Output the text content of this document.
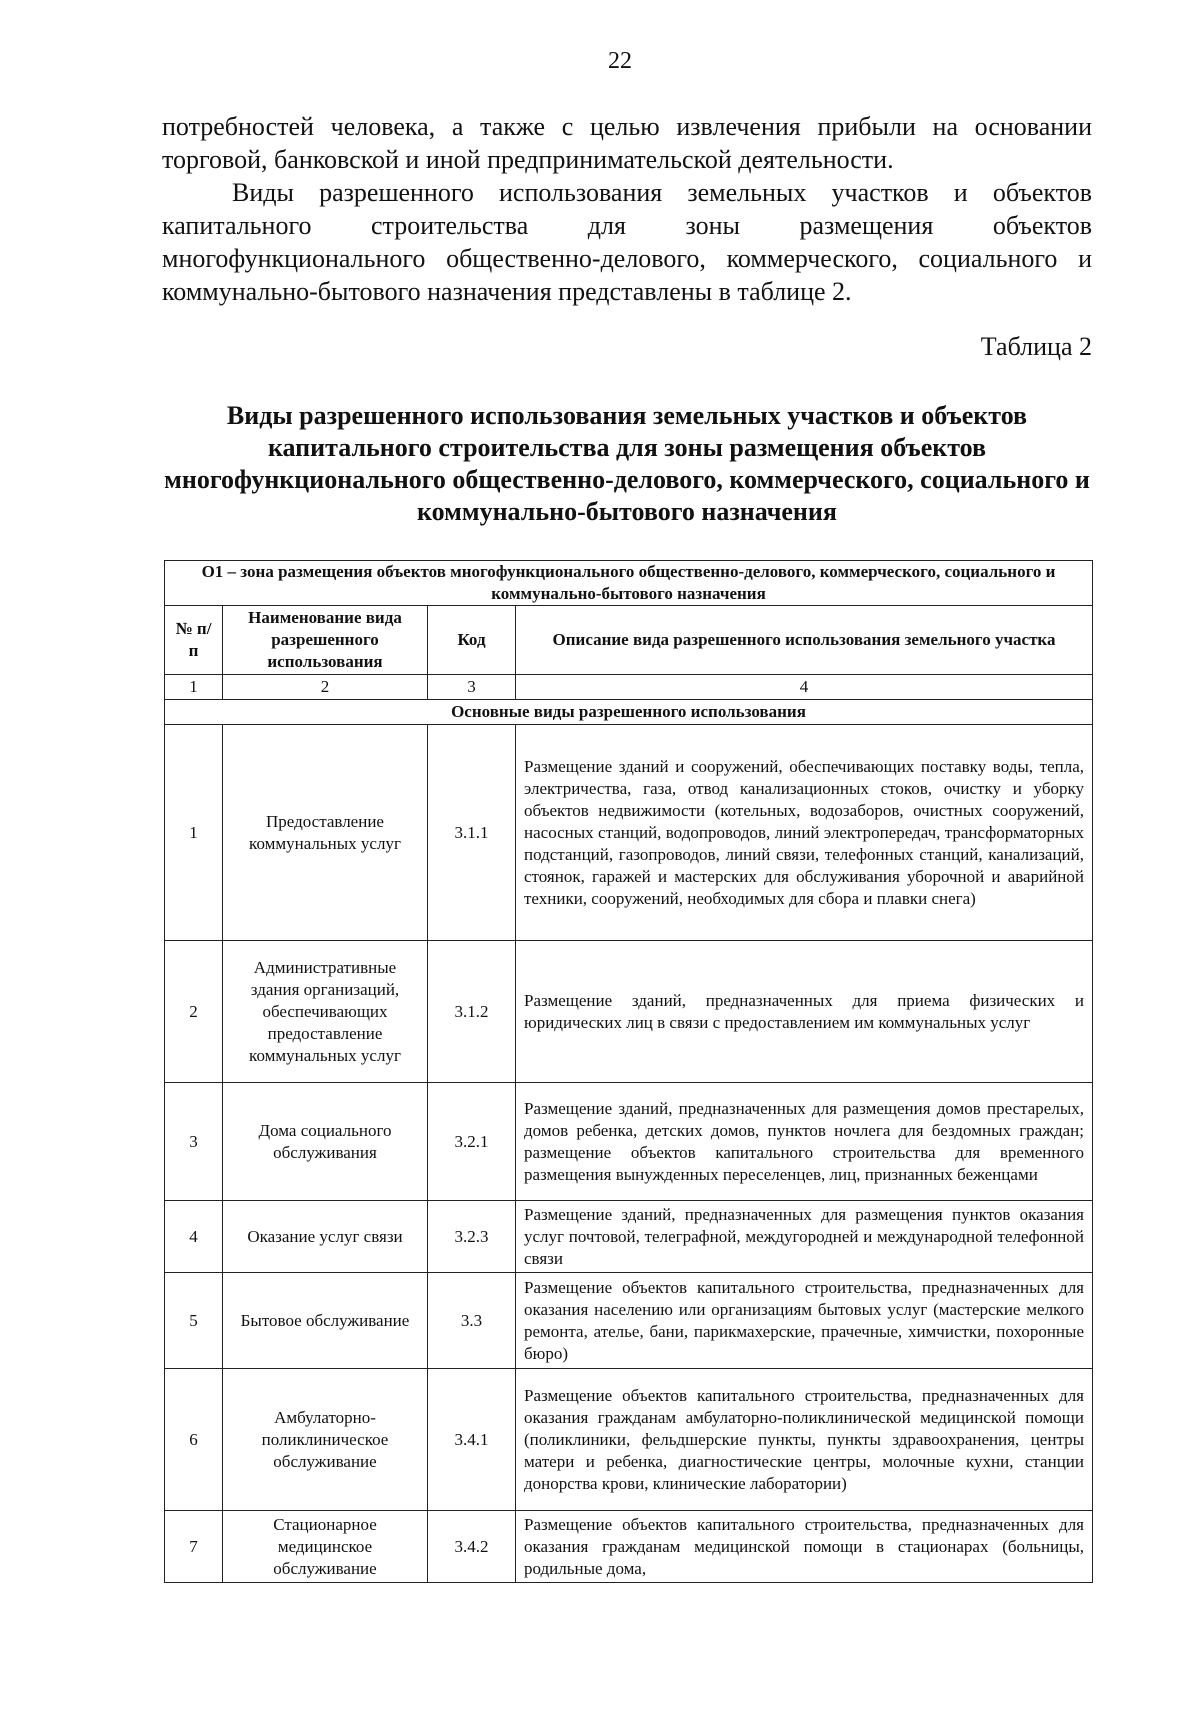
22

потребностей человека, а также с целью извлечения прибыли на основании торговой, банковской и иной предпринимательской деятельности.

Виды разрешенного использования земельных участков и объектов капитального строительства для зоны размещения объектов многофункционального общественно-делового, коммерческого, социального и коммунально-бытового назначения представлены в таблице 2.

Таблица 2
Виды разрешенного использования земельных участков и объектов капитального строительства для зоны размещения объектов многофункционального общественно-делового, коммерческого, социального и коммунально-бытового назначения
О1 – зона размещения объектов многофункционального общественно-делового, коммерческого, социального и коммунально-бытового назначения			
№ п/п	Наименование вида разрешенного использования	Код	Описание вида разрешенного использования земельного участка
1	2	3	4
Основные виды разрешенного использования			
1	Предоставление коммунальных услуг	3.1.1	Размещение зданий и сооружений, обеспечивающих поставку воды, тепла, электричества, газа, отвод канализационных стоков, очистку и уборку объектов недвижимости (котельных, водозаборов, очистных сооружений, насосных станций, водопроводов, линий электропередач, трансформаторных подстанций, газопроводов, линий связи, телефонных станций, канализаций, стоянок, гаражей и мастерских для обслуживания уборочной и аварийной техники, сооружений, необходимых для сбора и плавки снега)
2	Административные здания организаций, обеспечивающих предоставление коммунальных услуг	3.1.2	Размещение зданий, предназначенных для приема физических и юридических лиц в связи с предоставлением им коммунальных услуг
3	Дома социального обслуживания	3.2.1	Размещение зданий, предназначенных для размещения домов престарелых, домов ребенка, детских домов, пунктов ночлега для бездомных граждан; размещение объектов капитального строительства для временного размещения вынужденных переселенцев, лиц, признанных беженцами
4	Оказание услуг связи	3.2.3	Размещение зданий, предназначенных для размещения пунктов оказания услуг почтовой, телеграфной, междугородней и международной телефонной связи
5	Бытовое обслуживание	3.3	Размещение объектов капитального строительства, предназначенных для оказания населению или организациям бытовых услуг (мастерские мелкого ремонта, ателье, бани, парикмахерские, прачечные, химчистки, похоронные бюро)
6	Амбулаторно-поликлиническое обслуживание	3.4.1	Размещение объектов капитального строительства, предназначенных для оказания гражданам амбулаторно-поликлинической медицинской помощи (поликлиники, фельдшерские пункты, пункты здравоохранения, центры матери и ребенка, диагностические центры, молочные кухни, станции донорства крови, клинические лаборатории)
7	Стационарное медицинское обслуживание	3.4.2	Размещение объектов капитального строительства, предназначенных для оказания гражданам медицинской помощи в стационарах (больницы, родильные дома,
